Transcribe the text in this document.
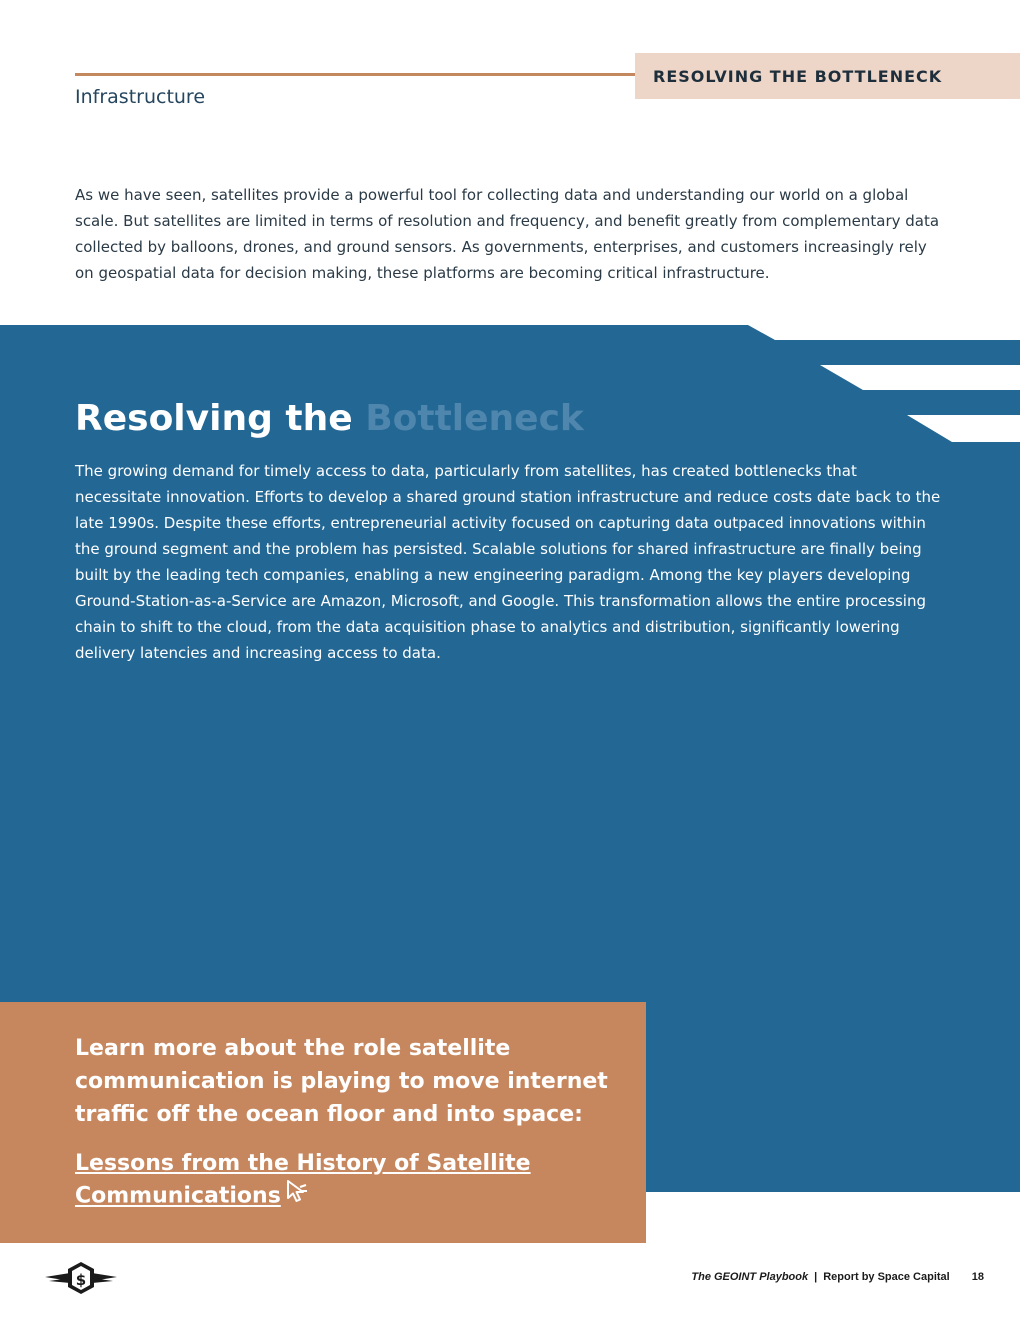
RESOLVING THE BOTTLENECK
Infrastructure

As we have seen, satellites provide a powerful tool for collecting data and understanding our world on a global scale. But satellites are limited in terms of resolution and frequency, and benefit greatly from complementary data collected by balloons, drones, and ground sensors. As governments, enterprises, and customers increasingly rely on geospatial data for decision making, these platforms are becoming critical infrastructure.

Resolving the Bottleneck

The growing demand for timely access to data, particularly from satellites, has created bottlenecks that necessitate innovation. Efforts to develop a shared ground station infrastructure and reduce costs date back to the late 1990s. Despite these efforts, entrepreneurial activity focused on capturing data outpaced innovations within the ground segment and the problem has persisted. Scalable solutions for shared infrastructure are finally being built by the leading tech companies, enabling a new engineering paradigm. Among the key players developing Ground-Station-as-a-Service are Amazon, Microsoft, and Google. This transformation allows the entire processing chain to shift to the cloud, from the data acquisition phase to analytics and distribution, significantly lowering delivery latencies and increasing access to data.

Learn more about the role satellite communication is playing to move internet traffic off the ocean floor and into space:

Lessons from the History of Satellite Communications
$	The GEOINT Playbook | Report by Space Capital 18
